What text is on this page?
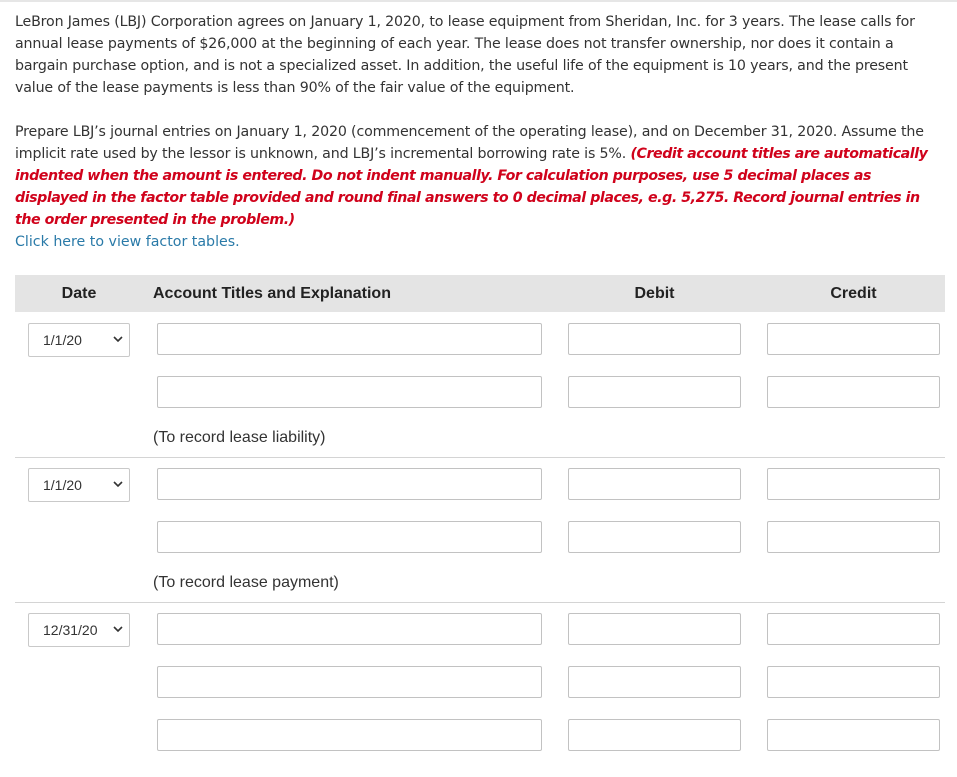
LeBron James (LBJ) Corporation agrees on January 1, 2020, to lease equipment from Sheridan, Inc. for 3 years. The lease calls for annual lease payments of $26,000 at the beginning of each year. The lease does not transfer ownership, nor does it contain a bargain purchase option, and is not a specialized asset. In addition, the useful life of the equipment is 10 years, and the present value of the lease payments is less than 90% of the fair value of the equipment.

Prepare LBJ’s journal entries on January 1, 2020 (commencement of the operating lease), and on December 31, 2020. Assume the implicit rate used by the lessor is unknown, and LBJ’s incremental borrowing rate is 5%. (Credit account titles are automatically indented when the amount is entered. Do not indent manually. For calculation purposes, use 5 decimal places as displayed in the factor table provided and round final answers to 0 decimal places, e.g. 5,275. Record journal entries in the order presented in the problem.)

Click here to view factor tables.
Date	Account Titles and Explanation	Debit	Credit
1/1/20
(To record lease liability)
1/1/20
(To record lease payment)
12/31/20
